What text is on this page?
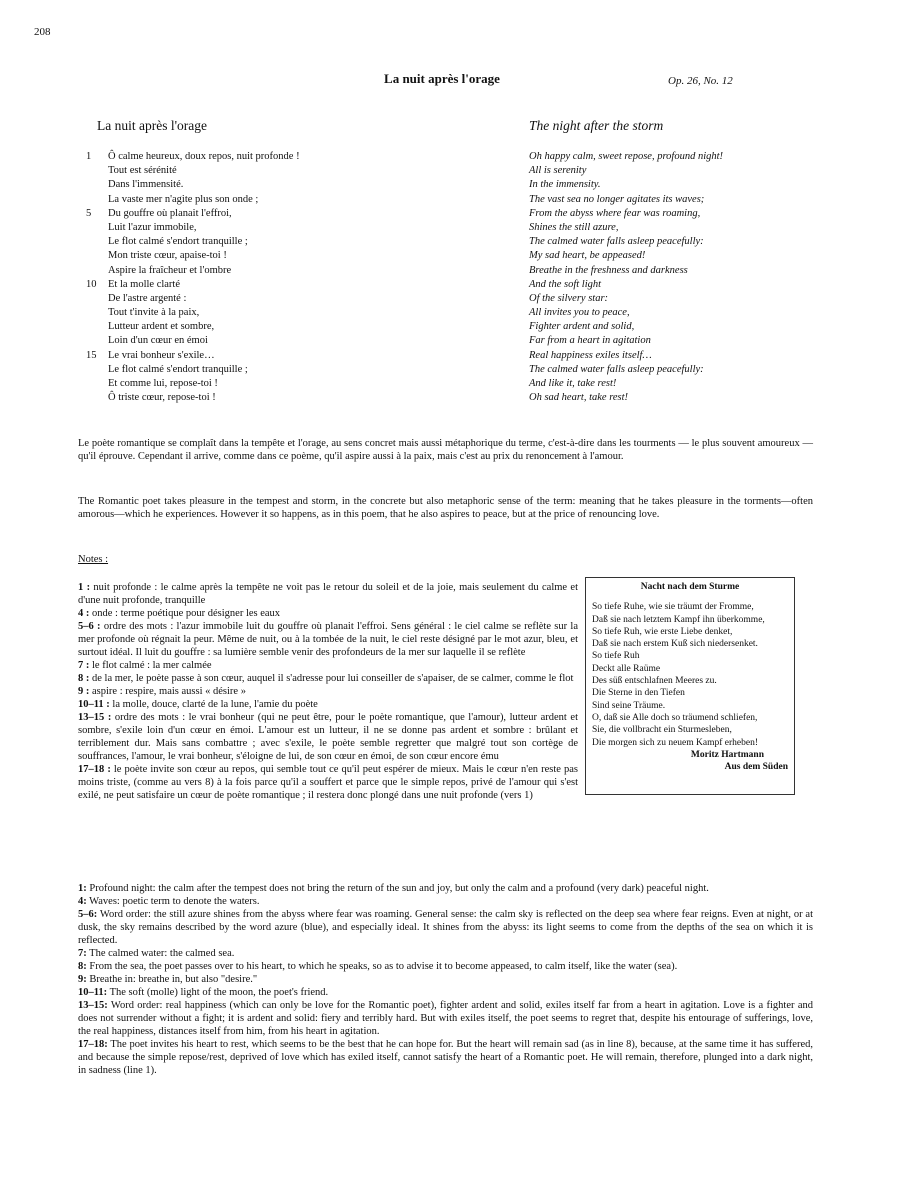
208
La nuit après l'orage	Op. 26, No. 12
La nuit après l'orage	The night after the storm
1 Ô calme heureux, doux repos, nuit profonde !
Tout est sérénité
Dans l'immensité.
La vaste mer n'agite plus son onde ;
5 Du gouffre où planait l'effroi,
Luit l'azur immobile,
Le flot calmé s'endort tranquille ;
Mon triste cœur, apaise-toi !
Aspire la fraîcheur et l'ombre
10 Et la molle clarté
De l'astre argenté :
Tout t'invite à la paix,
Lutteur ardent et sombre,
Loin d'un cœur en émoi
15 Le vrai bonheur s'exile…
Le flot calmé s'endort tranquille ;
Et comme lui, repose-toi !
Ô triste cœur, repose-toi !
Oh happy calm, sweet repose, profound night!
All is serenity
In the immensity.
The vast sea no longer agitates its waves;
From the abyss where fear was roaming,
Shines the still azure,
The calmed water falls asleep peacefully:
My sad heart, be appeased!
Breathe in the freshness and darkness
And the soft light
Of the silvery star:
All invites you to peace,
Fighter ardent and solid,
Far from a heart in agitation
Real happiness exiles itself…
The calmed water falls asleep peacefully:
And like it, take rest!
Oh sad heart, take rest!
Le poète romantique se complaît dans la tempête et l'orage, au sens concret mais aussi métaphorique du terme, c'est-à-dire dans les tourments — le plus souvent amoureux — qu'il éprouve. Cependant il arrive, comme dans ce poème, qu'il aspire aussi à la paix, mais c'est au prix du renoncement à l'amour.
The Romantic poet takes pleasure in the tempest and storm, in the concrete but also metaphoric sense of the term: meaning that he takes pleasure in the torments—often amorous—which he experiences. However it so happens, as in this poem, that he also aspires to peace, but at the price of renouncing love.
Notes :
Nacht nach dem Sturme
So tiefe Ruhe, wie sie träumt der Fromme,
Daß sie nach letztem Kampf ihn überkomme,
So tiefe Ruh, wie erste Liebe denket,
Daß sie nach erstem Kuß sich niedersenket.
So tiefe Ruh
Deckt alle Raüme
Des süß entschlafnen Meeres zu.
Die Sterne in den Tiefen
Sind seine Träume.
O, daß sie Alle doch so träumend schliefen,
Sie, die vollbracht ein Sturmesleben,
Die morgen sich zu neuem Kampf erheben!
Moritz Hartmann
Aus dem Süden
1 : nuit profonde : le calme après la tempête ne voit pas le retour du soleil et de la joie, mais seulement du calme et d'une nuit profonde, tranquille
4 : onde : terme poétique pour désigner les eaux
5–6 : ordre des mots : l'azur immobile luit du gouffre où planait l'effroi. Sens général : le ciel calme se reflète sur la mer profonde où régnait la peur. Même de nuit, ou à la tombée de la nuit, le ciel reste désigné par le mot azur, bleu, et surtout idéal. Il luit du gouffre : sa lumière semble venir des profondeurs de la mer sur laquelle il se reflète
7 : le flot calmé : la mer calmée
8 : de la mer, le poète passe à son cœur, auquel il s'adresse pour lui conseiller de s'apaiser, de se calmer, comme le flot
9 : aspire : respire, mais aussi « désire »
10–11 : la molle, douce, clarté de la lune, l'amie du poète
13–15 : ordre des mots : le vrai bonheur (qui ne peut être, pour le poète romantique, que l'amour), lutteur ardent et sombre, s'exile loin d'un cœur en émoi. L'amour est un lutteur, il ne se donne pas ardent et sombre : brûlant et terriblement dur. Mais sans combattre ; avec s'exile, le poète semble regretter que malgré tout son cortège de souffrances, l'amour, le vrai bonheur, s'éloigne de lui, de son cœur en émoi, de son cœur encore ému
17–18 : le poète invite son cœur au repos, qui semble tout ce qu'il peut espérer de mieux. Mais le cœur n'en reste pas moins triste, (comme au vers 8) à la fois parce qu'il a souffert et parce que le simple repos, privé de l'amour qui s'est exilé, ne peut satisfaire un cœur de poète romantique ; il restera donc plongé dans une nuit profonde (vers 1)
1: Profound night: the calm after the tempest does not bring the return of the sun and joy, but only the calm and a profound (very dark) peaceful night.
4: Waves: poetic term to denote the waters.
5–6: Word order: the still azure shines from the abyss where fear was roaming. General sense: the calm sky is reflected on the deep sea where fear reigns. Even at night, or at dusk, the sky remains described by the word azure (blue), and especially ideal. It shines from the abyss: its light seems to come from the depths of the sea on which it is reflected.
7: The calmed water: the calmed sea.
8: From the sea, the poet passes over to his heart, to which he speaks, so as to advise it to become appeased, to calm itself, like the water (sea).
9: Breathe in: breathe in, but also "desire."
10–11: The soft (molle) light of the moon, the poet's friend.
13–15: Word order: real happiness (which can only be love for the Romantic poet), fighter ardent and solid, exiles itself far from a heart in agitation. Love is a fighter and does not surrender without a fight; it is ardent and solid: fiery and terribly hard. But with exiles itself, the poet seems to regret that, despite his entourage of sufferings, love, the real happiness, distances itself from him, from his heart in agitation.
17–18: The poet invites his heart to rest, which seems to be the best that he can hope for. But the heart will remain sad (as in line 8), because, at the same time it has suffered, and because the simple repose/rest, deprived of love which has exiled itself, cannot satisfy the heart of a Romantic poet. He will remain, therefore, plunged into a dark night, in sadness (line 1).
